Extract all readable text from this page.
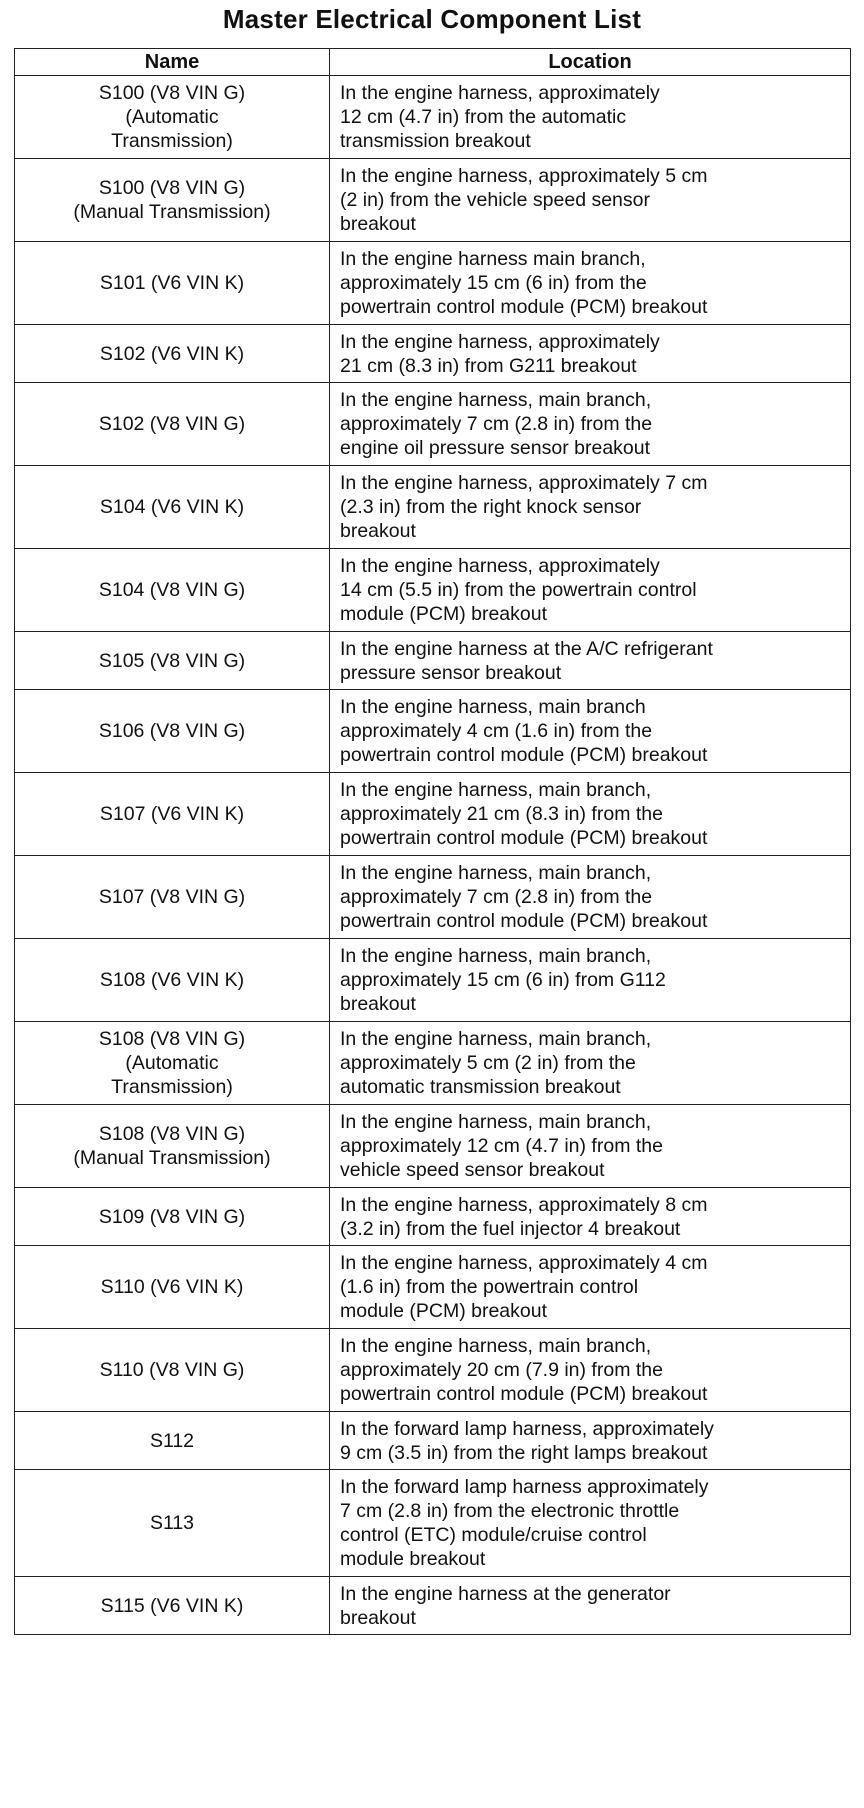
Master Electrical Component List
Name	Location

S100 (V8 VIN G)
(Automatic
Transmission)	In the engine harness, approximately
12 cm (4.7 in) from the automatic
transmission breakout

S100 (V8 VIN G)
(Manual Transmission)	In the engine harness, approximately 5 cm
(2 in) from the vehicle speed sensor
breakout

S101 (V6 VIN K)	In the engine harness main branch,
approximately 15 cm (6 in) from the
powertrain control module (PCM) breakout

S102 (V6 VIN K)	In the engine harness, approximately
21 cm (8.3 in) from G211 breakout

S102 (V8 VIN G)	In the engine harness, main branch,
approximately 7 cm (2.8 in) from the
engine oil pressure sensor breakout

S104 (V6 VIN K)	In the engine harness, approximately 7 cm
(2.3 in) from the right knock sensor
breakout

S104 (V8 VIN G)	In the engine harness, approximately
14 cm (5.5 in) from the powertrain control
module (PCM) breakout

S105 (V8 VIN G)	In the engine harness at the A/C refrigerant
pressure sensor breakout

S106 (V8 VIN G)	In the engine harness, main branch
approximately 4 cm (1.6 in) from the
powertrain control module (PCM) breakout

S107 (V6 VIN K)	In the engine harness, main branch,
approximately 21 cm (8.3 in) from the
powertrain control module (PCM) breakout

S107 (V8 VIN G)	In the engine harness, main branch,
approximately 7 cm (2.8 in) from the
powertrain control module (PCM) breakout

S108 (V6 VIN K)	In the engine harness, main branch,
approximately 15 cm (6 in) from G112
breakout

S108 (V8 VIN G)
(Automatic
Transmission)	In the engine harness, main branch,
approximately 5 cm (2 in) from the
automatic transmission breakout

S108 (V8 VIN G)
(Manual Transmission)	In the engine harness, main branch,
approximately 12 cm (4.7 in) from the
vehicle speed sensor breakout

S109 (V8 VIN G)	In the engine harness, approximately 8 cm
(3.2 in) from the fuel injector 4 breakout

S110 (V6 VIN K)	In the engine harness, approximately 4 cm
(1.6 in) from the powertrain control
module (PCM) breakout

S110 (V8 VIN G)	In the engine harness, main branch,
approximately 20 cm (7.9 in) from the
powertrain control module (PCM) breakout

S112	In the forward lamp harness, approximately
9 cm (3.5 in) from the right lamps breakout

S113	In the forward lamp harness approximately
7 cm (2.8 in) from the electronic throttle
control (ETC) module/cruise control
module breakout

S115 (V6 VIN K)	In the engine harness at the generator
breakout
